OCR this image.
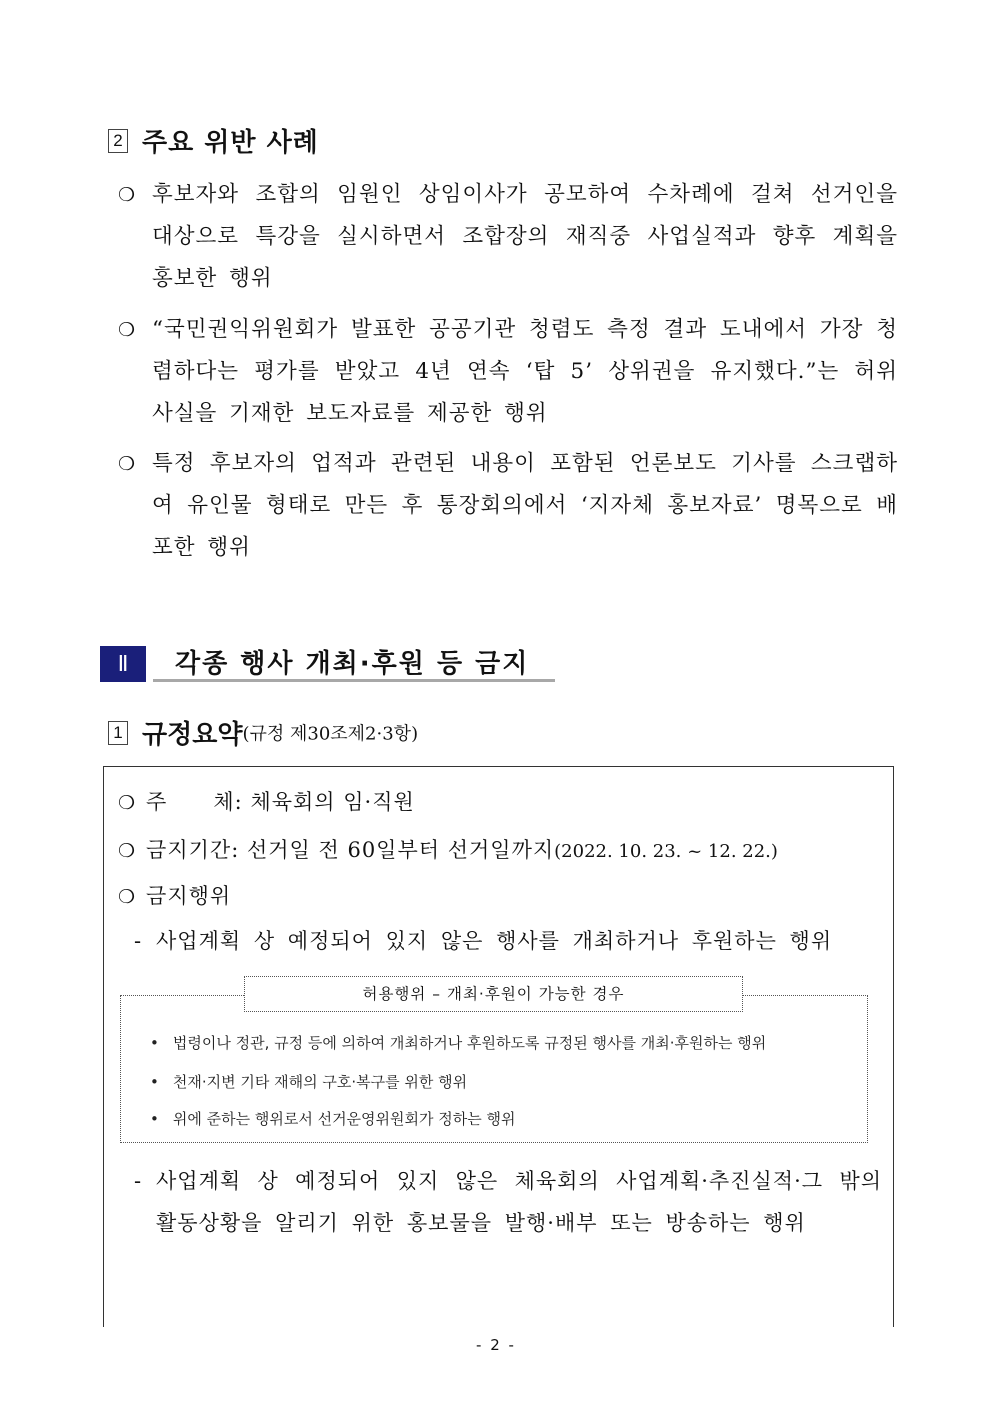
2 주요 위반 사례
❍ 후보자와 조합의 임원인 상임이사가 공모하여 수차례에 걸쳐 선거인을 대상으로 특강을 실시하면서 조합장의 재직중 사업실적과 향후 계획을 홍보한 행위
❍ “국민권익위원회가 발표한 공공기관 청렴도 측정 결과 도내에서 가장 청렴하다는 평가를 받았고 4년 연속 ‘탑 5’ 상위권을 유지했다.”는 허위 사실을 기재한 보도자료를 제공한 행위
❍ 특정 후보자의 업적과 관련된 내용이 포함된 언론보도 기사를 스크랩하여 유인물 형태로 만든 후 통장회의에서 ‘지자체 홍보자료’ 명목으로 배포한 행위
Ⅱ	각종 행사 개최·후원 등 금지
1 규정요약(규정 제30조제2·3항)
❍ 주      체: 체육회의 임·직원
❍ 금지기간: 선거일 전 60일부터 선거일까지(2022. 10. 23. ~ 12. 22.)
❍ 금지행위
- 사업계획 상 예정되어 있지 않은 행사를 개최하거나 후원하는 행위
허용행위 – 개최·후원이 가능한 경우
• 법령이나 정관, 규정 등에 의하여 개최하거나 후원하도록 규정된 행사를 개최·후원하는 행위
• 천재·지변 기타 재해의 구호·복구를 위한 행위
• 위에 준하는 행위로서 선거운영위원회가 정하는 행위
- 사업계획 상 예정되어 있지 않은 체육회의 사업계획·추진실적·그 밖의 활동상황을 알리기 위한 홍보물을 발행·배부 또는 방송하는 행위
- 2 -
